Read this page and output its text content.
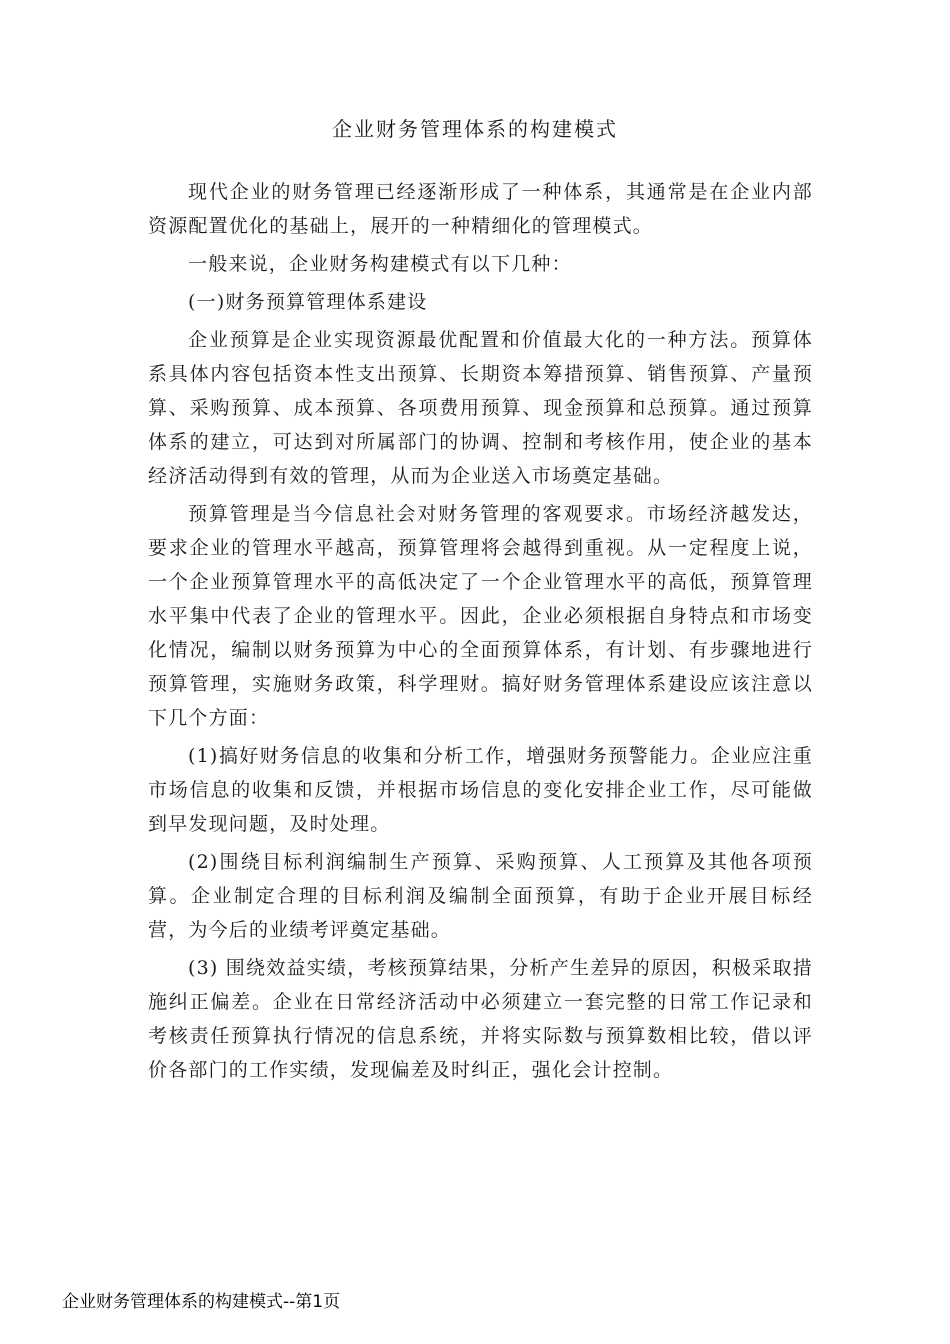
企业财务管理体系的构建模式

现代企业的财务管理已经逐渐形成了一种体系，其通常是在企业内部资源配置优化的基础上，展开的一种精细化的管理模式。

一般来说，企业财务构建模式有以下几种：

(一)财务预算管理体系建设

企业预算是企业实现资源最优配置和价值最大化的一种方法。预算体系具体内容包括资本性支出预算、长期资本筹措预算、销售预算、产量预算、采购预算、成本预算、各项费用预算、现金预算和总预算。通过预算体系的建立，可达到对所属部门的协调、控制和考核作用，使企业的基本经济活动得到有效的管理，从而为企业送入市场奠定基础。

预算管理是当今信息社会对财务管理的客观要求。市场经济越发达，要求企业的管理水平越高，预算管理将会越得到重视。从一定程度上说，一个企业预算管理水平的高低决定了一个企业管理水平的高低，预算管理水平集中代表了企业的管理水平。因此，企业必须根据自身特点和市场变化情况，编制以财务预算为中心的全面预算体系，有计划、有步骤地进行预算管理，实施财务政策，科学理财。搞好财务管理体系建设应该注意以下几个方面：

(1)搞好财务信息的收集和分析工作，增强财务预警能力。企业应注重市场信息的收集和反馈，并根据市场信息的变化安排企业工作，尽可能做到早发现问题，及时处理。

(2)围绕目标利润编制生产预算、采购预算、人工预算及其他各项预算。企业制定合理的目标利润及编制全面预算，有助于企业开展目标经营，为今后的业绩考评奠定基础。

(3) 围绕效益实绩，考核预算结果，分析产生差异的原因，积极采取措施纠正偏差。企业在日常经济活动中必须建立一套完整的日常工作记录和考核责任预算执行情况的信息系统，并将实际数与预算数相比较，借以评价各部门的工作实绩，发现偏差及时纠正，强化会计控制。

企业财务管理体系的构建模式--第1页
